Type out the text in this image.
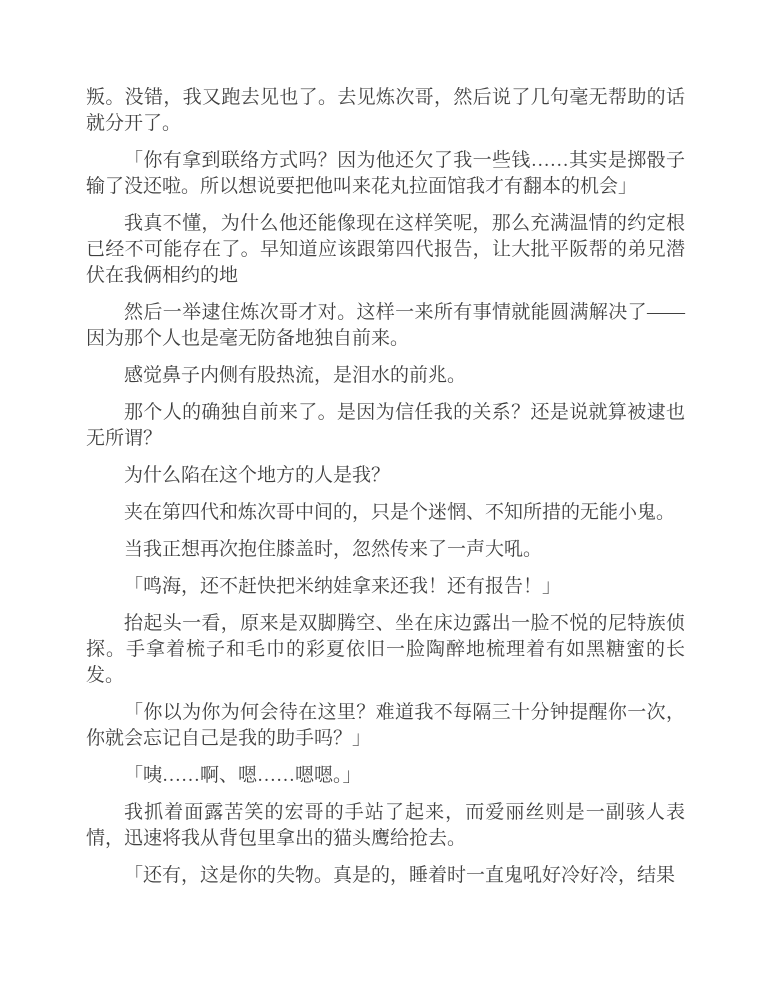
叛。没错，我又跑去见也了。去见炼次哥，然后说了几句毫无帮助的话就分开了。

「你有拿到联络方式吗？因为他还欠了我一些钱……其实是掷骰子输了没还啦。所以想说要把他叫来花丸拉面馆我才有翻本的机会」

我真不懂，为什么他还能像现在这样笑呢，那么充满温情的约定根已经不可能存在了。早知道应该跟第四代报告，让大批平阪帮的弟兄潜伏在我俩相约的地

然后一举逮住炼次哥才对。这样一来所有事情就能圆满解决了——因为那个人也是毫无防备地独自前来。

感觉鼻子内侧有股热流，是泪水的前兆。

那个人的确独自前来了。是因为信任我的关系？还是说就算被逮也无所谓？

为什么陷在这个地方的人是我？

夹在第四代和炼次哥中间的，只是个迷惘、不知所措的无能小鬼。

当我正想再次抱住膝盖时，忽然传来了一声大吼。

「鸣海，还不赶快把米纳娃拿来还我！还有报告！」

抬起头一看，原来是双脚腾空、坐在床边露出一脸不悦的尼特族侦探。手拿着梳子和毛巾的彩夏依旧一脸陶醉地梳理着有如黑糖蜜的长发。

「你以为你为何会待在这里？难道我不每隔三十分钟提醒你一次，你就会忘记自己是我的助手吗？」

「咦……啊、嗯……嗯嗯。」

我抓着面露苦笑的宏哥的手站了起来，而爱丽丝则是一副骇人表情，迅速将我从背包里拿出的猫头鹰给抢去。

「还有，这是你的失物。真是的，睡着时一直鬼吼好冷好冷，结果
